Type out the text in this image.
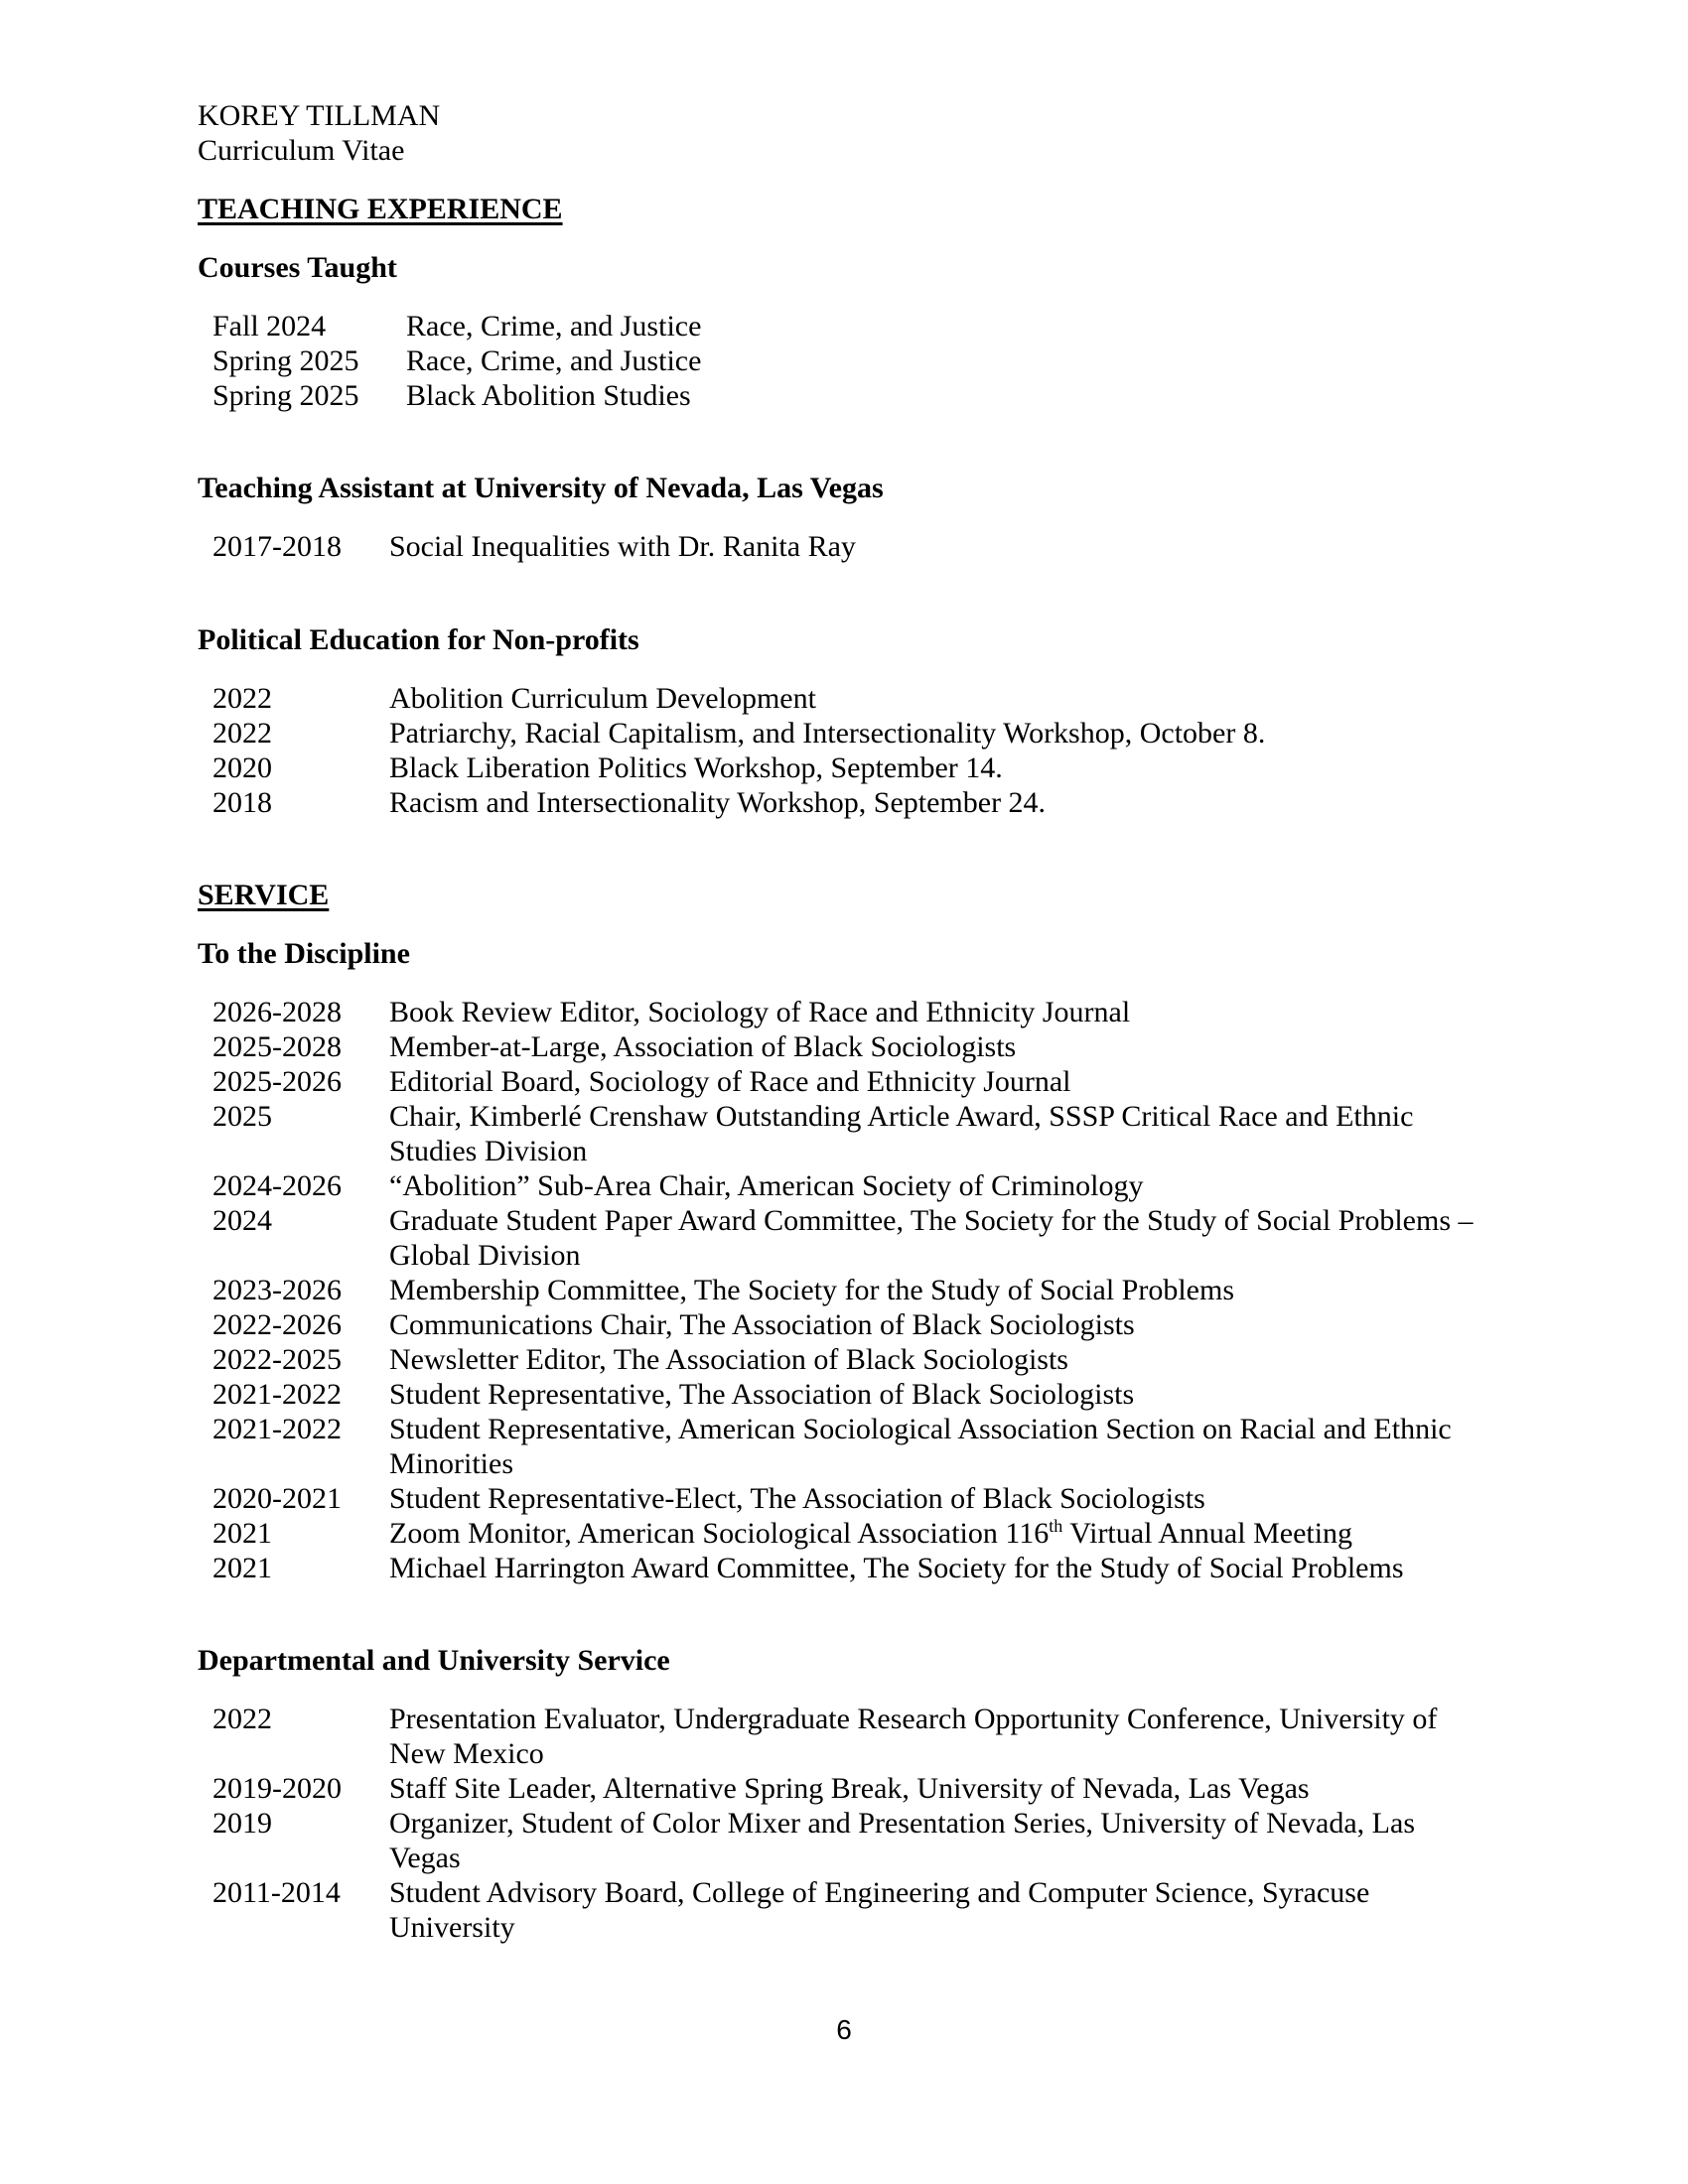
KOREY TILLMAN

Curriculum Vitae

TEACHING EXPERIENCE

Courses Taught

Fall 2024	Race, Crime, and Justice
Spring 2025	Race, Crime, and Justice
Spring 2025	Black Abolition Studies

Teaching Assistant at University of Nevada, Las Vegas

2017-2018	Social Inequalities with Dr. Ranita Ray

Political Education for Non-profits

2022	Abolition Curriculum Development
2022	Patriarchy, Racial Capitalism, and Intersectionality Workshop, October 8.
2020	Black Liberation Politics Workshop, September 14.
2018	Racism and Intersectionality Workshop, September 24.

SERVICE

To the Discipline

2026-2028	Book Review Editor, Sociology of Race and Ethnicity Journal
2025-2028	Member-at-Large, Association of Black Sociologists
2025-2026	Editorial Board, Sociology of Race and Ethnicity Journal
2025	Chair, Kimberlé Crenshaw Outstanding Article Award, SSSP Critical Race and Ethnic Studies Division
2024-2026	“Abolition” Sub-Area Chair, American Society of Criminology
2024	Graduate Student Paper Award Committee, The Society for the Study of Social Problems – Global Division
2023-2026	Membership Committee, The Society for the Study of Social Problems
2022-2026	Communications Chair, The Association of Black Sociologists
2022-2025	Newsletter Editor, The Association of Black Sociologists
2021-2022	Student Representative, The Association of Black Sociologists
2021-2022	Student Representative, American Sociological Association Section on Racial and Ethnic Minorities
2020-2021	Student Representative-Elect, The Association of Black Sociologists
2021	Zoom Monitor, American Sociological Association 116th Virtual Annual Meeting
2021	Michael Harrington Award Committee, The Society for the Study of Social Problems

Departmental and University Service

2022	Presentation Evaluator, Undergraduate Research Opportunity Conference, University of New Mexico
2019-2020	Staff Site Leader, Alternative Spring Break, University of Nevada, Las Vegas
2019	Organizer, Student of Color Mixer and Presentation Series, University of Nevada, Las Vegas
2011-2014	Student Advisory Board, College of Engineering and Computer Science, Syracuse University
6
